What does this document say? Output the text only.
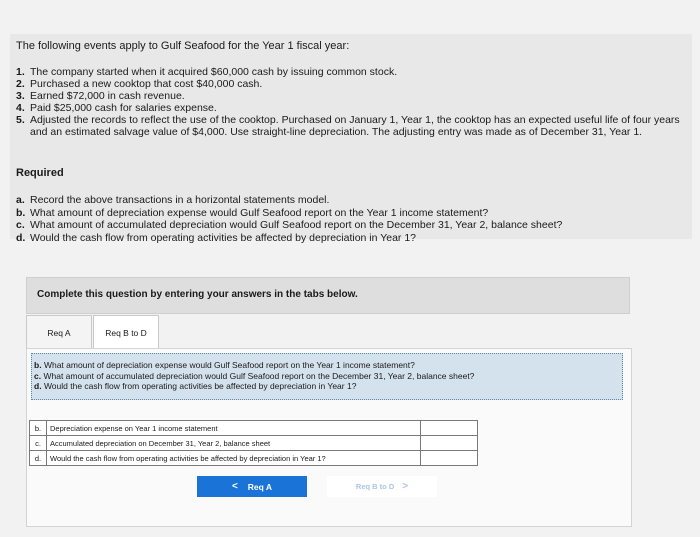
The following events apply to Gulf Seafood for the Year 1 fiscal year:
1. The company started when it acquired $60,000 cash by issuing common stock.
2. Purchased a new cooktop that cost $40,000 cash.
3. Earned $72,000 in cash revenue.
4. Paid $25,000 cash for salaries expense.
5. Adjusted the records to reflect the use of the cooktop. Purchased on January 1, Year 1, the cooktop has an expected useful life of four years and an estimated salvage value of $4,000. Use straight-line depreciation. The adjusting entry was made as of December 31, Year 1.
Required
a. Record the above transactions in a horizontal statements model.
b. What amount of depreciation expense would Gulf Seafood report on the Year 1 income statement?
c. What amount of accumulated depreciation would Gulf Seafood report on the December 31, Year 2, balance sheet?
d. Would the cash flow from operating activities be affected by depreciation in Year 1?
Complete this question by entering your answers in the tabs below.
Req A	Req B to D
b. What amount of depreciation expense would Gulf Seafood report on the Year 1 income statement?
c. What amount of accumulated depreciation would Gulf Seafood report on the December 31, Year 2, balance sheet?
d. Would the cash flow from operating activities be affected by depreciation in Year 1?
b.	Depreciation expense on Year 1 income statement	
c.	Accumulated depreciation on December 31, Year 2, balance sheet	
d.	Would the cash flow from operating activities be affected by depreciation in Year 1?	
< Req A	Req B to D >
